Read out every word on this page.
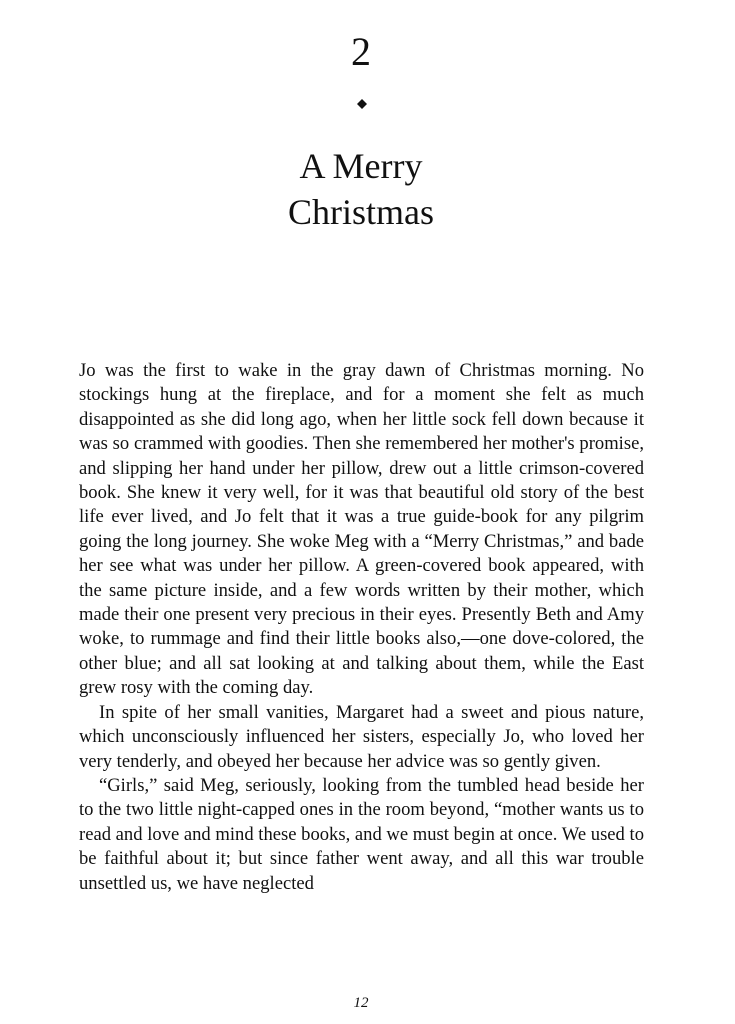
2
A Merry Christmas

Jo was the first to wake in the gray dawn of Christmas morning. No stockings hung at the fireplace, and for a moment she felt as much disappointed as she did long ago, when her little sock fell down because it was so crammed with goodies. Then she remembered her mother's promise, and slipping her hand under her pillow, drew out a little crimson-covered book. She knew it very well, for it was that beautiful old story of the best life ever lived, and Jo felt that it was a true guide-book for any pilgrim going the long journey. She woke Meg with a “Merry Christmas,” and bade her see what was under her pillow. A green-covered book appeared, with the same picture inside, and a few words written by their mother, which made their one present very precious in their eyes. Presently Beth and Amy woke, to rummage and find their little books also,—one dove-colored, the other blue; and all sat looking at and talking about them, while the East grew rosy with the coming day.

In spite of her small vanities, Margaret had a sweet and pious nature, which unconsciously influenced her sisters, especially Jo, who loved her very tenderly, and obeyed her because her advice was so gently given.

“Girls,” said Meg, seriously, looking from the tumbled head beside her to the two little night-capped ones in the room beyond, “mother wants us to read and love and mind these books, and we must begin at once. We used to be faithful about it; but since father went away, and all this war trouble unsettled us, we have neglected

12
